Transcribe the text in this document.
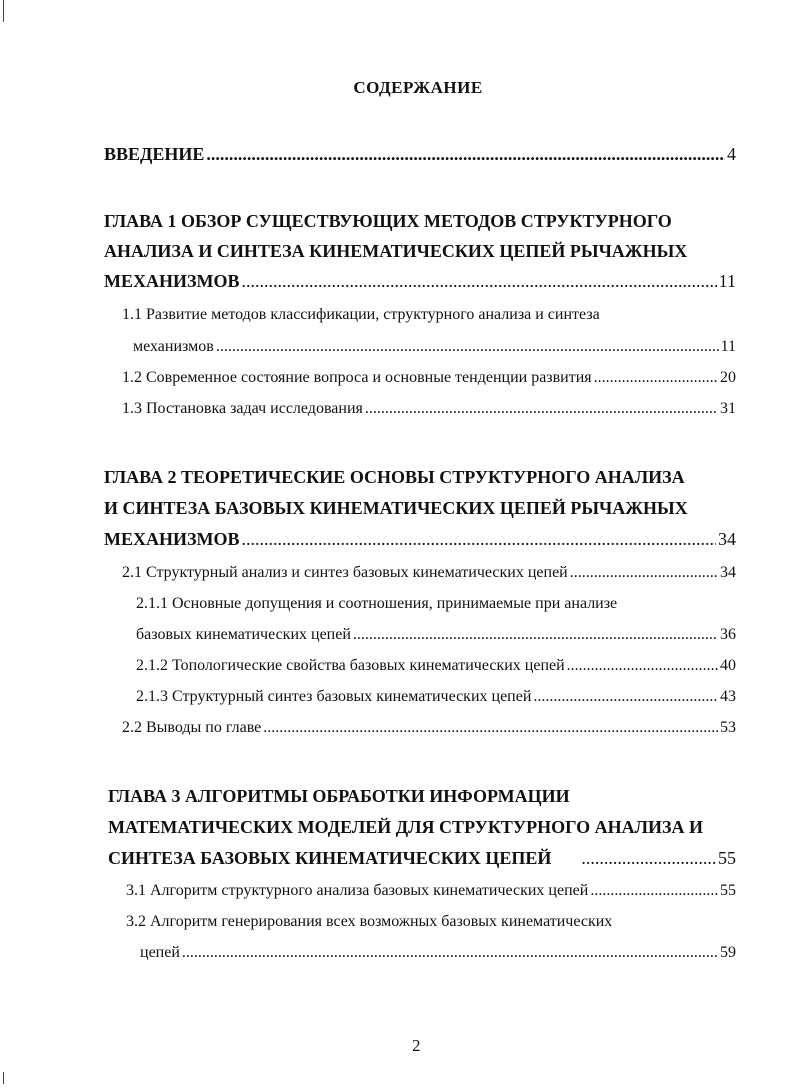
СОДЕРЖАНИЕ
ВВЕДЕНИЕ .....	4
ГЛАВА 1 ОБЗОР СУЩЕСТВУЮЩИХ МЕТОДОВ СТРУКТУРНОГО
АНАЛИЗА И СИНТЕЗА КИНЕМАТИЧЕСКИХ ЦЕПЕЙ РЫЧАЖНЫХ
МЕХАНИЗМОВ .....	11
1.1 Развитие методов классификации, структурного анализа и синтеза
механизмов .....	11
1.2 Современное состояние вопроса и основные тенденции развития .....	20
1.3 Постановка задач исследования .....	31
ГЛАВА 2 ТЕОРЕТИЧЕСКИЕ ОСНОВЫ СТРУКТУРНОГО АНАЛИЗА
И СИНТЕЗА БАЗОВЫХ КИНЕМАТИЧЕСКИХ ЦЕПЕЙ РЫЧАЖНЫХ
МЕХАНИЗМОВ .....	34
2.1 Структурный анализ и синтез базовых кинематических цепей .....	34
2.1.1 Основные допущения и соотношения, принимаемые при анализе
базовых кинематических цепей .....	36
2.1.2 Топологические свойства базовых кинематических цепей .....	40
2.1.3 Структурный синтез базовых кинематических цепей .....	43
2.2 Выводы по главе .....	53
ГЛАВА 3 АЛГОРИТМЫ ОБРАБОТКИ ИНФОРМАЦИИ
МАТЕМАТИЧЕСКИХ МОДЕЛЕЙ ДЛЯ СТРУКТУРНОГО АНАЛИЗА И
СИНТЕЗА БАЗОВЫХ КИНЕМАТИЧЕСКИХ ЦЕПЕЙ .....	55
3.1 Алгоритм структурного анализа базовых кинематических цепей .....	55
3.2 Алгоритм генерирования всех возможных базовых кинематических
цепей .....	59
2
